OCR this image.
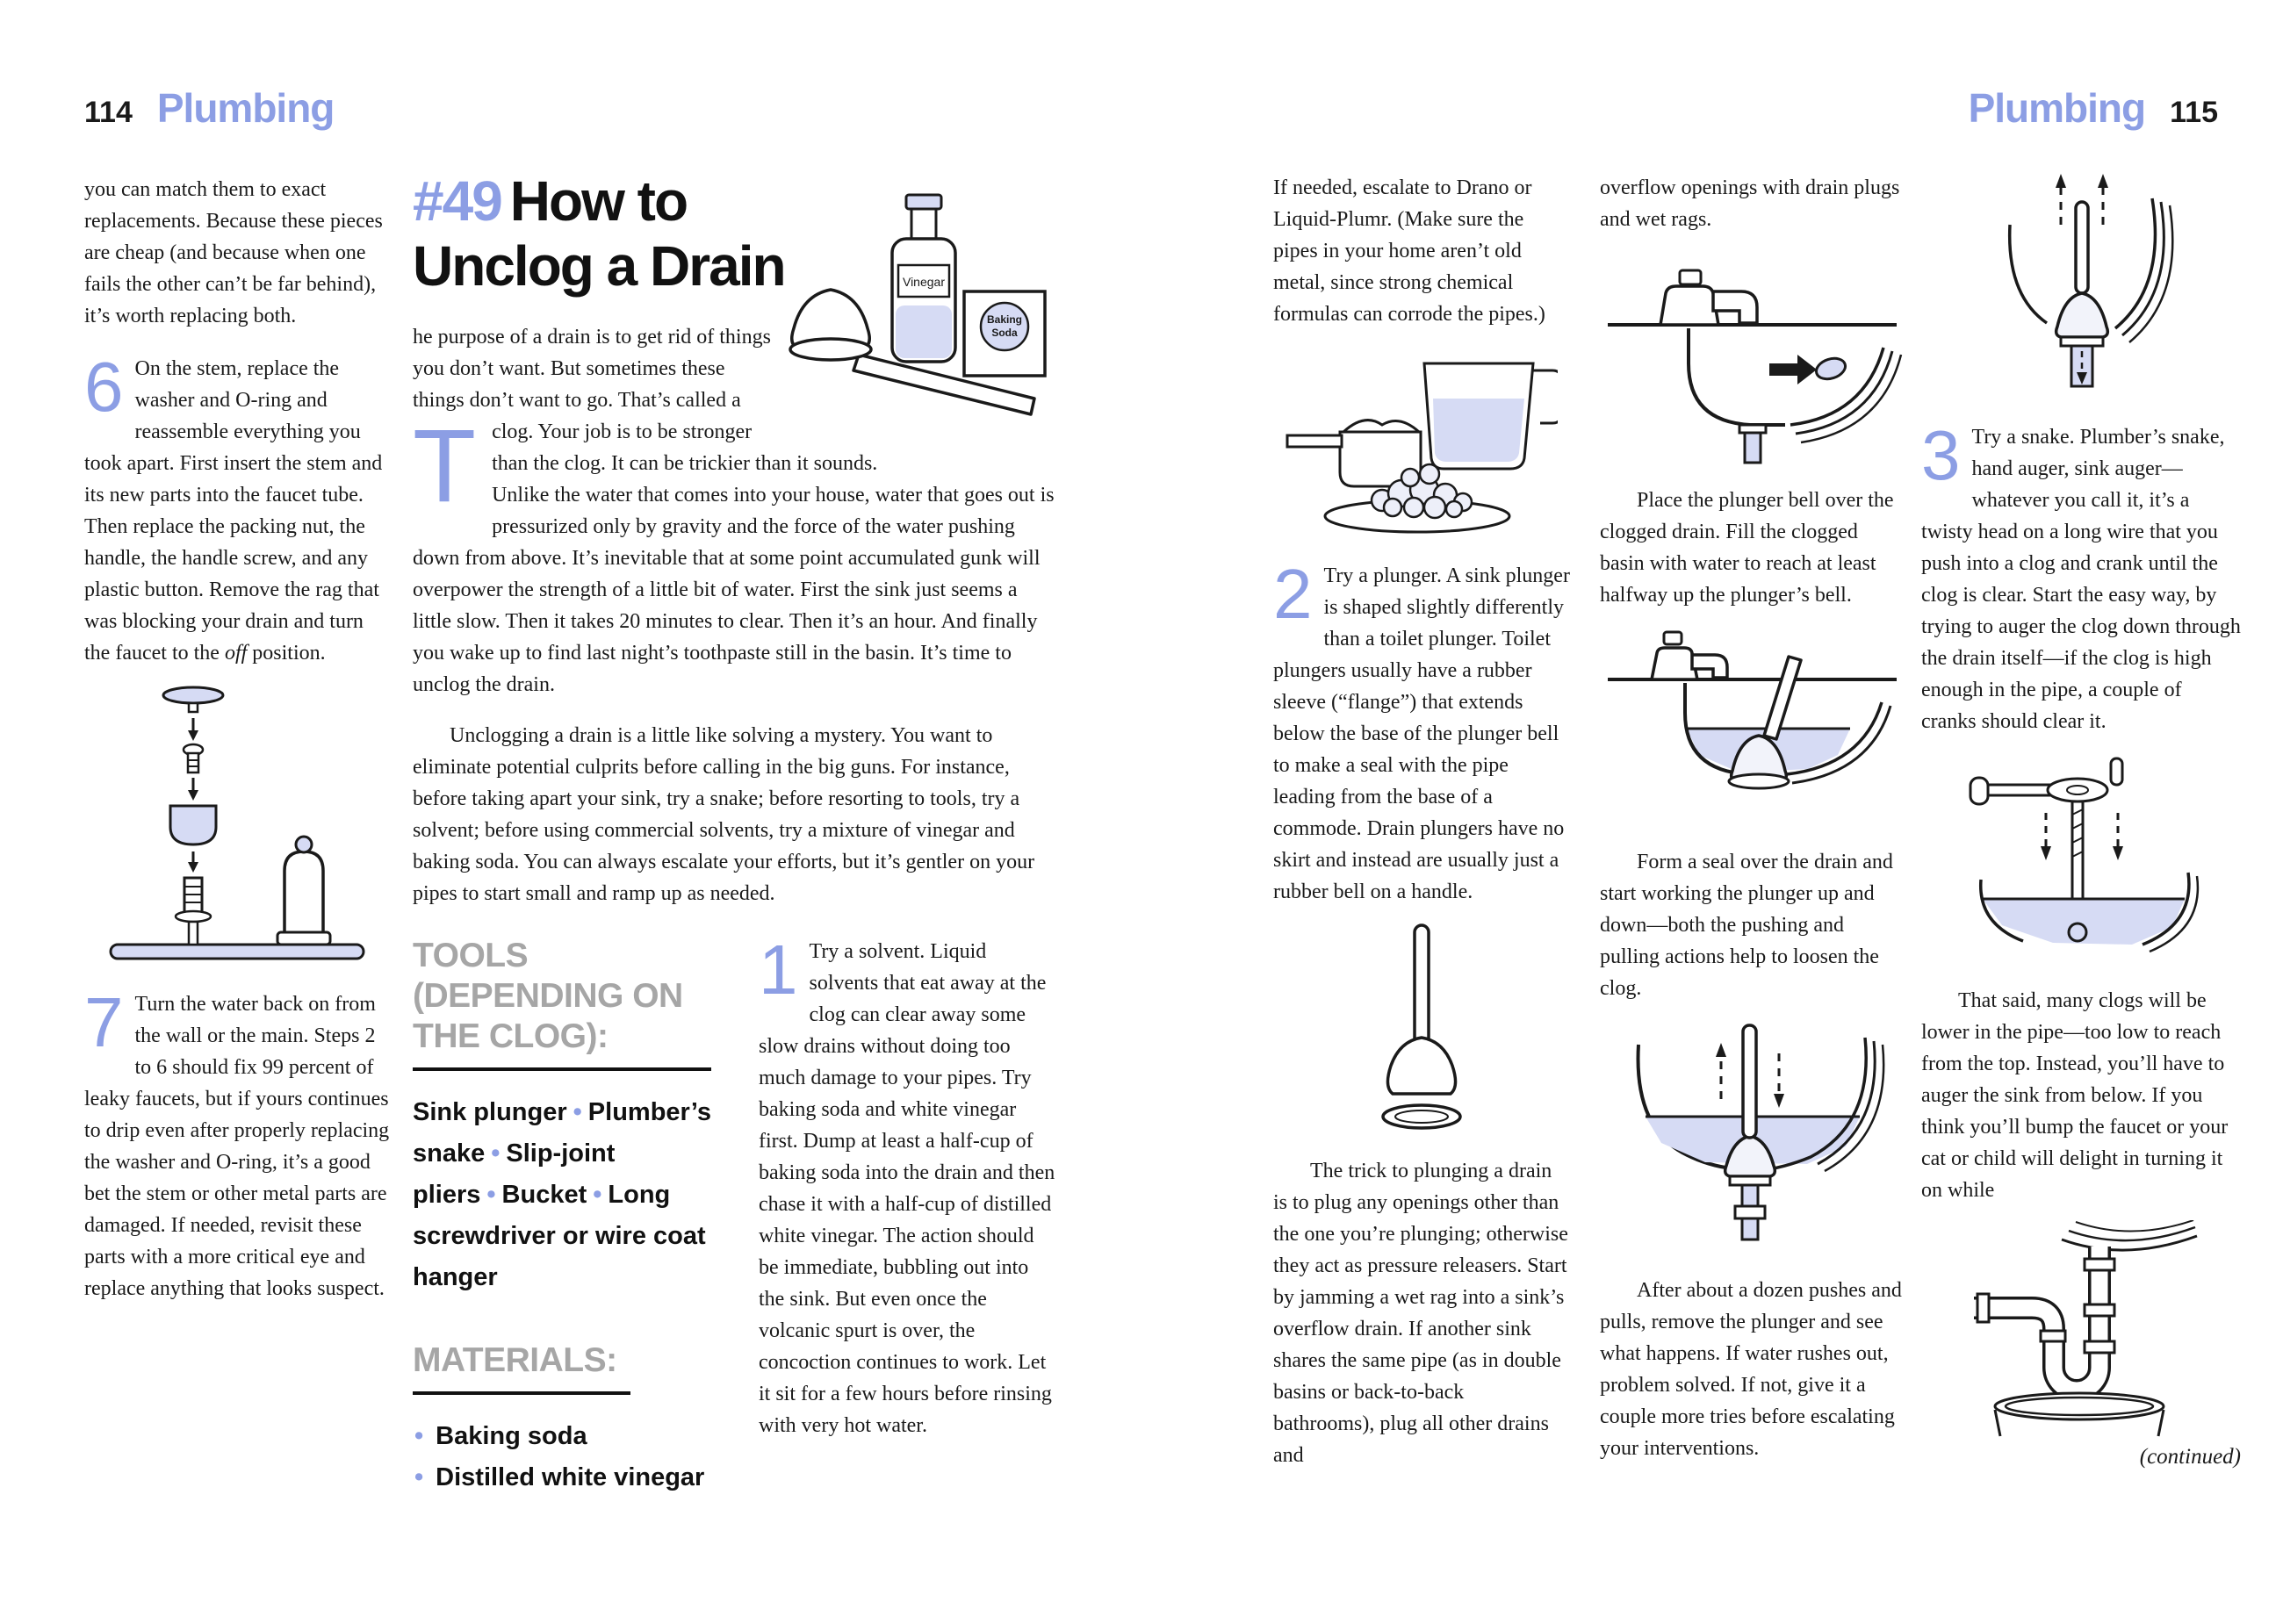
114 Plumbing

you can match them to exact replacements. Because these pieces are cheap (and because when one fails the other can’t be far behind), it’s worth replacing both.

6 On the stem, replace the washer and O-ring and reassemble everything you took apart. First insert the stem and its new parts into the faucet tube. Then replace the packing nut, the handle, the handle screw, and any plastic button. Remove the rag that was blocking your drain and turn the faucet to the off position.

7 Turn the water back on from the wall or the main. Steps 2 to 6 should fix 99 percent of leaky faucets, but if yours continues to drip even after properly replacing the washer and O-ring, it’s a good bet the stem or other metal parts are damaged. If needed, revisit these parts with a more critical eye and replace anything that looks suspect.

#49 How to
Unclog a Drain
Baking
Soda
Vinegar

T
he purpose of a drain is to get rid of things you don’t want. But sometimes these things don’t want to go. That’s called a clog. Your job is to be stronger than the clog. It can be trickier than it sounds. Unlike the water that comes into your house, water that goes out is pressurized only by gravity and the force of the water pushing down from above. It’s inevitable that at some point accumulated gunk will overpower the strength of a little bit of water. First the sink just seems a little slow. Then it takes 20 minutes to clear. Then it’s an hour. And finally you wake up to find last night’s toothpaste still in the basin. It’s time to unclog the drain.

Unclogging a drain is a little like solving a mystery. You want to eliminate potential culprits before calling in the big guns. For instance, before taking apart your sink, try a snake; before resorting to tools, try a solvent; before using commercial solvents, try a mixture of vinegar and baking soda. You can always escalate your efforts, but it’s gentler on your pipes to start small and ramp up as needed.

TOOLS (DEPENDING ON THE CLOG):

Sink plunger • Plumber’s snake • Slip-joint pliers • Bucket • Long screwdriver or wire coat hanger

MATERIALS:
• Baking soda
• Distilled white vinegar

1 Try a solvent. Liquid solvents that eat away at the clog can clear away some slow drains without doing too much damage to your pipes. Try baking soda and white vinegar first. Dump at least a half-cup of baking soda into the drain and then chase it with a half-cup of distilled white vinegar. The action should be immediate, bubbling out into the sink. But even once the volcanic spurt is over, the concoction continues to work. Let it sit for a few hours before rinsing with very hot water.

Plumbing 115

If needed, escalate to Drano or Liquid-Plumr. (Make sure the pipes in your home aren’t old metal, since strong chemical formulas can corrode the pipes.)

2 Try a plunger. A sink plunger is shaped slightly differently than a toilet plunger. Toilet plungers usually have a rubber sleeve (“flange”) that extends below the base of the plunger bell to make a seal with the pipe leading from the base of a commode. Drain plungers have no skirt and instead are usually just a rubber bell on a handle.

The trick to plunging a drain is to plug any openings other than the one you’re plunging; otherwise they act as pressure releasers. Start by jamming a wet rag into a sink’s overflow drain. If another sink shares the same pipe (as in double basins or back-to-back bathrooms), plug all other drains and

overflow openings with drain plugs and wet rags.

Place the plunger bell over the clogged drain. Fill the clogged basin with water to reach at least halfway up the plunger’s bell.

Form a seal over the drain and start working the plunger up and down—both the pushing and pulling actions help to loosen the clog.

After about a dozen pushes and pulls, remove the plunger and see what happens. If water rushes out, problem solved. If not, give it a couple more tries before escalating your interventions.

3 Try a snake. Plumber’s snake, hand auger, sink auger—whatever you call it, it’s a twisty head on a long wire that you push into a clog and crank until the clog is clear. Start the easy way, by trying to auger the clog down through the drain itself—if the clog is high enough in the pipe, a couple of cranks should clear it.

That said, many clogs will be lower in the pipe—too low to reach from the top. Instead, you’ll have to auger the sink from below. If you think you’ll bump the faucet or your cat or child will delight in turning it on while

(continued)
